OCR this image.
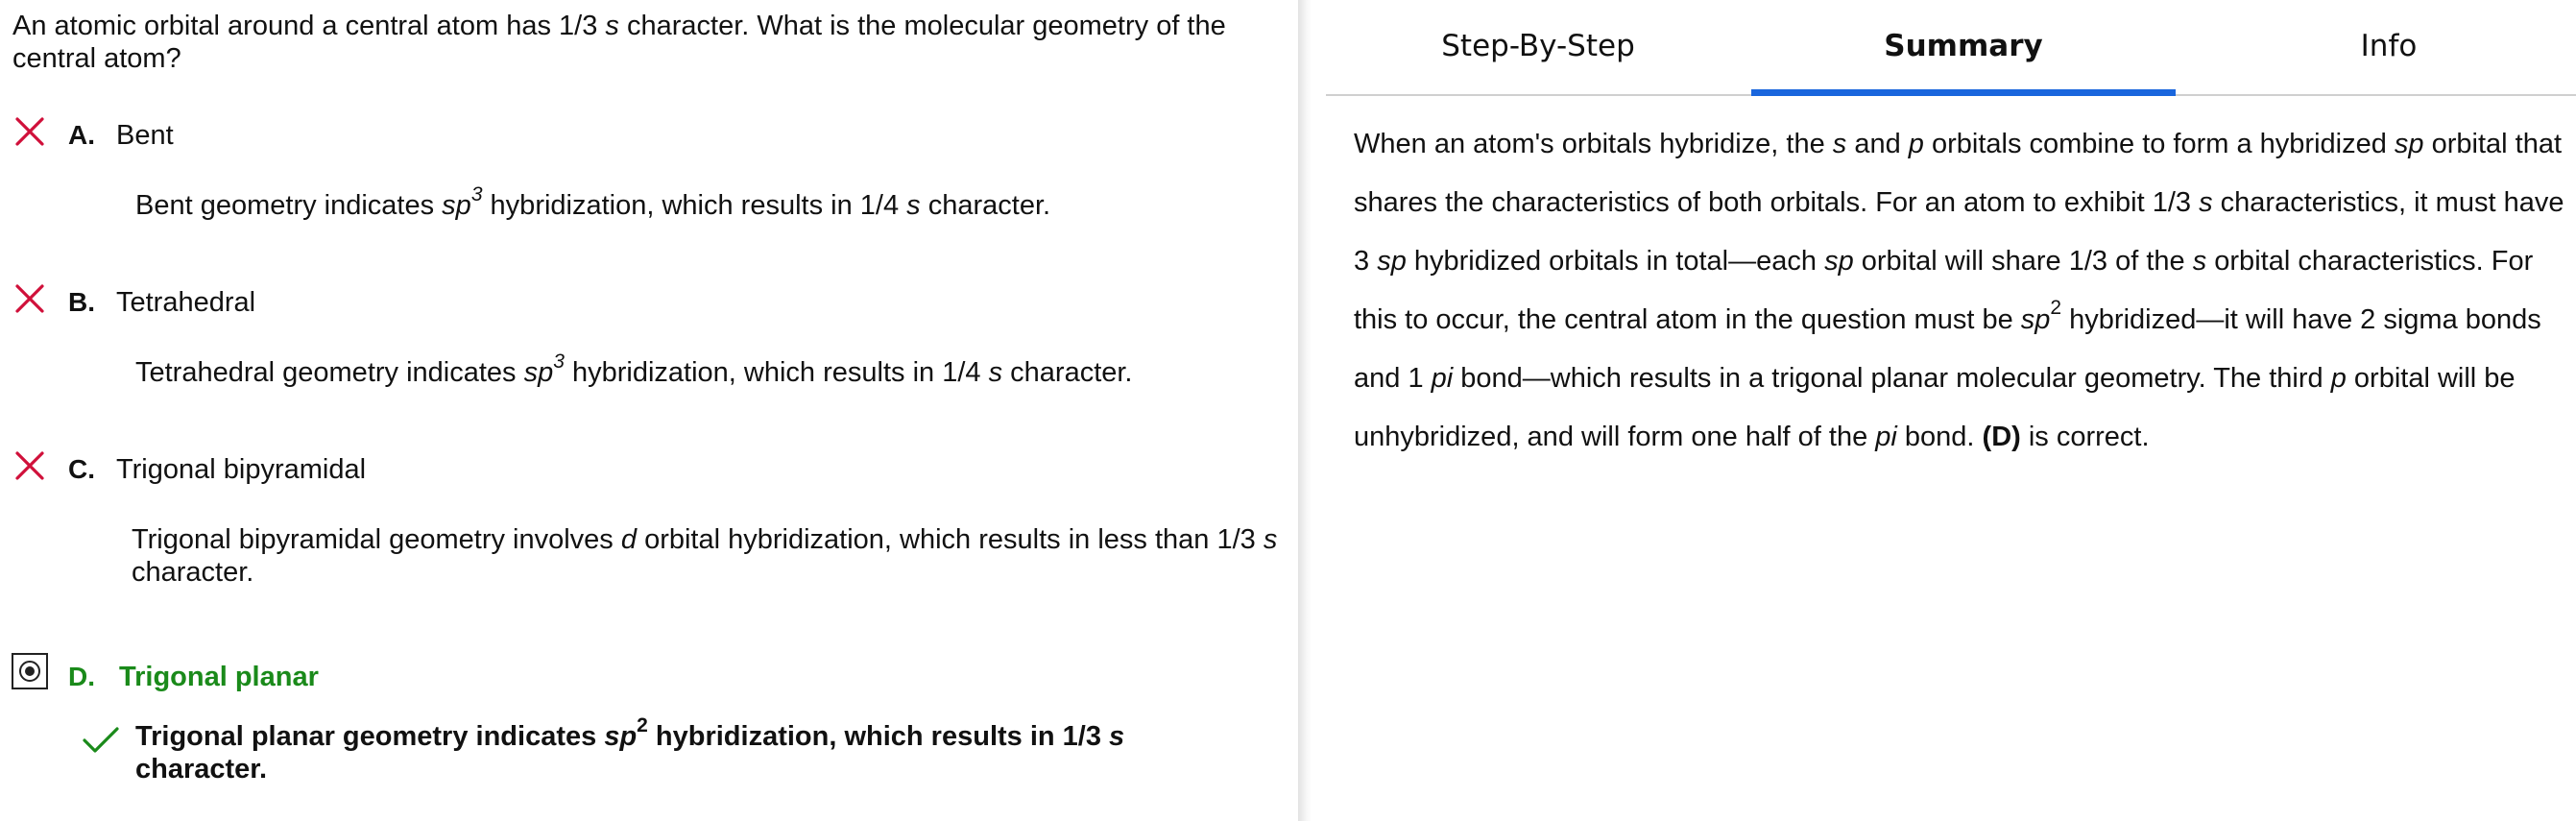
An atomic orbital around a central atom has 1/3 s character. What is the molecular geometry of the central atom?
A. Bent
Bent geometry indicates $sp^3$ hybridization, which results in 1/4 s character.
B. Tetrahedral
Tetrahedral geometry indicates $sp^3$ hybridization, which results in 1/4 s character.
C. Trigonal bipyramidal
Trigonal bipyramidal geometry involves d orbital hybridization, which results in less than 1/3 s character.
D. Trigonal planar
Trigonal planar geometry indicates $sp^2$ hybridization, which results in 1/3 s
character.
Step-By-Step	Summary	Info
When an atom's orbitals hybridize, the s and p orbitals combine to form a hybridized sp orbital that shares the characteristics of both orbitals. For an atom to exhibit 1/3 s characteristics, it must have 3 sp hybridized orbitals in total—each sp orbital will share 1/3 of the s orbital characteristics. For this to occur, the central atom in the question must be $sp^2$ hybridized—it will have 2 sigma bonds and 1 pi bond—which results in a trigonal planar molecular geometry. The third p orbital will be unhybridized, and will form one half of the pi bond. (D) is correct.
